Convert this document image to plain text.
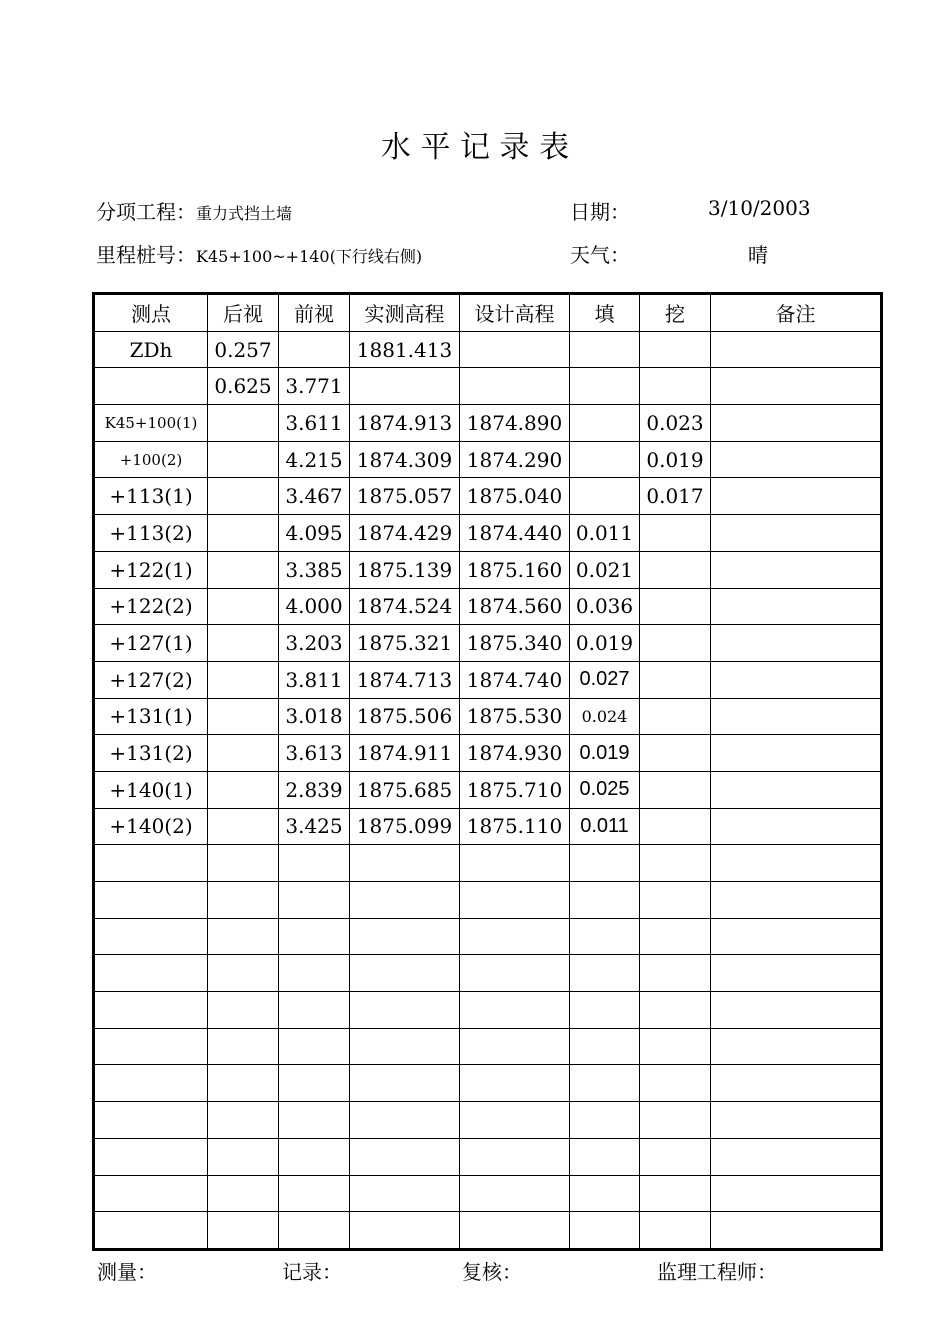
水 平 记 录 表
分项工程：重力式挡土墙
里程桩号：K45+100~+140(下行线右侧)
日期：	3/10/2003
天气：	晴
测点	后视	前视	实测高程	设计高程	填	挖	备注
ZDh	0.257		1881.413				
	0.625	3.771					
K45+100(1)		3.611	1874.913	1874.890		0.023	
+100(2)		4.215	1874.309	1874.290		0.019	
+113(1)		3.467	1875.057	1875.040		0.017	
+113(2)		4.095	1874.429	1874.440	0.011		
+122(1)		3.385	1875.139	1875.160	0.021		
+122(2)		4.000	1874.524	1874.560	0.036		
+127(1)		3.203	1875.321	1875.340	0.019		
+127(2)		3.811	1874.713	1874.740	0.027		
+131(1)		3.018	1875.506	1875.530	0.024		
+131(2)		3.613	1874.911	1874.930	0.019		
+140(1)		2.839	1875.685	1875.710	0.025		
+140(2)		3.425	1875.099	1875.110	0.011		

测量：	记录：	复核：	监理工程师：
